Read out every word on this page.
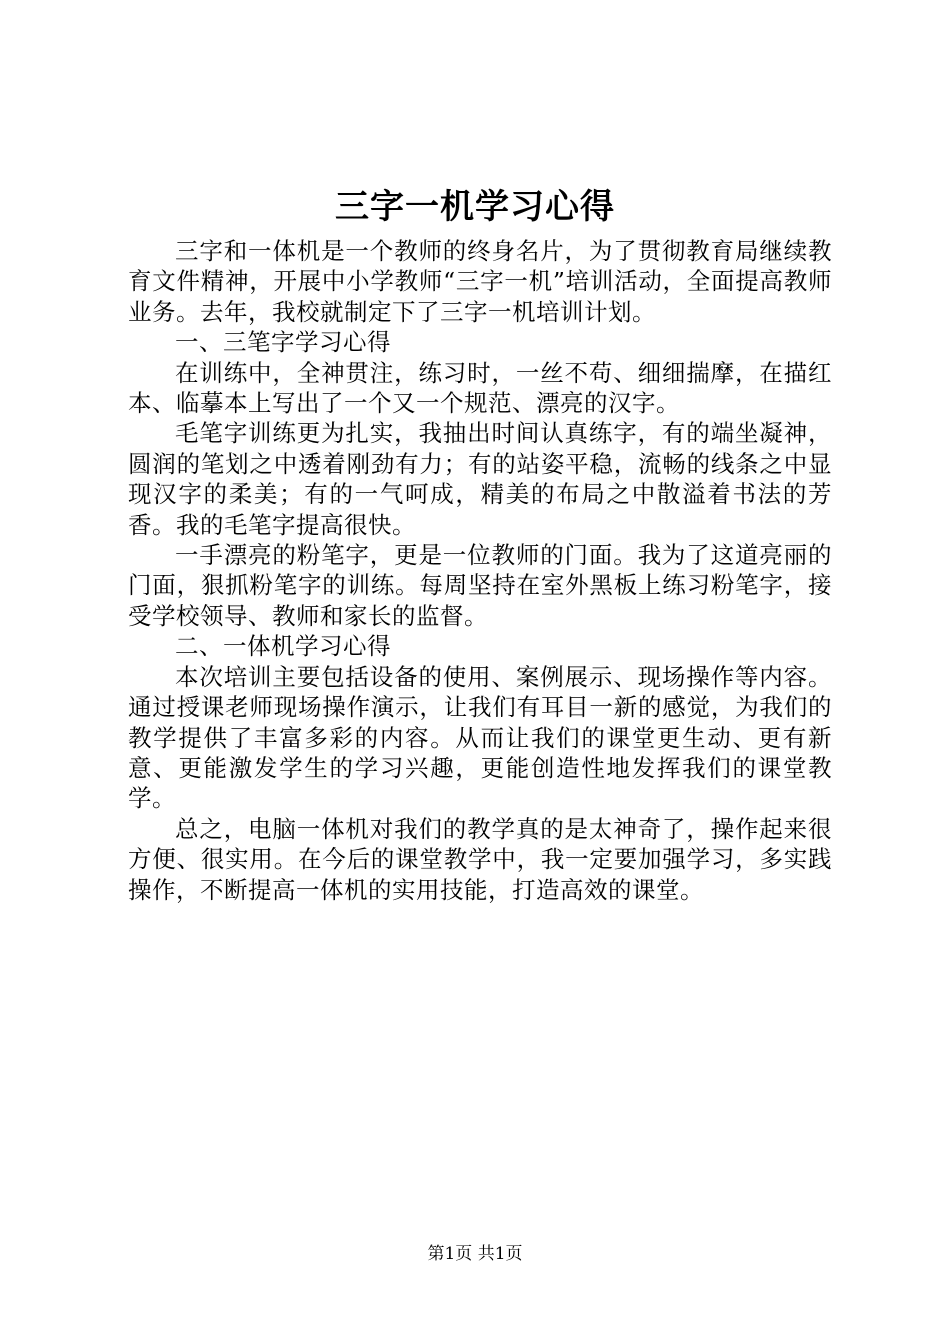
三字一机学习心得

三字和一体机是一个教师的终身名片，为了贯彻教育局继续教育文件精神，开展中小学教师“三字一机”培训活动，全面提高教师业务。去年，我校就制定下了三字一机培训计划。

一、三笔字学习心得

在训练中，全神贯注，练习时，一丝不苟、细细揣摩，在描红本、临摹本上写出了一个又一个规范、漂亮的汉字。

毛笔字训练更为扎实，我抽出时间认真练字，有的端坐凝神，圆润的笔划之中透着刚劲有力；有的站姿平稳，流畅的线条之中显现汉字的柔美；有的一气呵成，精美的布局之中散溢着书法的芳香。我的毛笔字提高很快。

一手漂亮的粉笔字，更是一位教师的门面。我为了这道亮丽的门面，狠抓粉笔字的训练。每周坚持在室外黑板上练习粉笔字，接受学校领导、教师和家长的监督。

二、一体机学习心得

本次培训主要包括设备的使用、案例展示、现场操作等内容。通过授课老师现场操作演示，让我们有耳目一新的感觉，为我们的教学提供了丰富多彩的内容。从而让我们的课堂更生动、更有新意、更能激发学生的学习兴趣，更能创造性地发挥我们的课堂教学。

总之，电脑一体机对我们的教学真的是太神奇了，操作起来很方便、很实用。在今后的课堂教学中，我一定要加强学习，多实践操作，不断提高一体机的实用技能，打造高效的课堂。

第1页 共1页
